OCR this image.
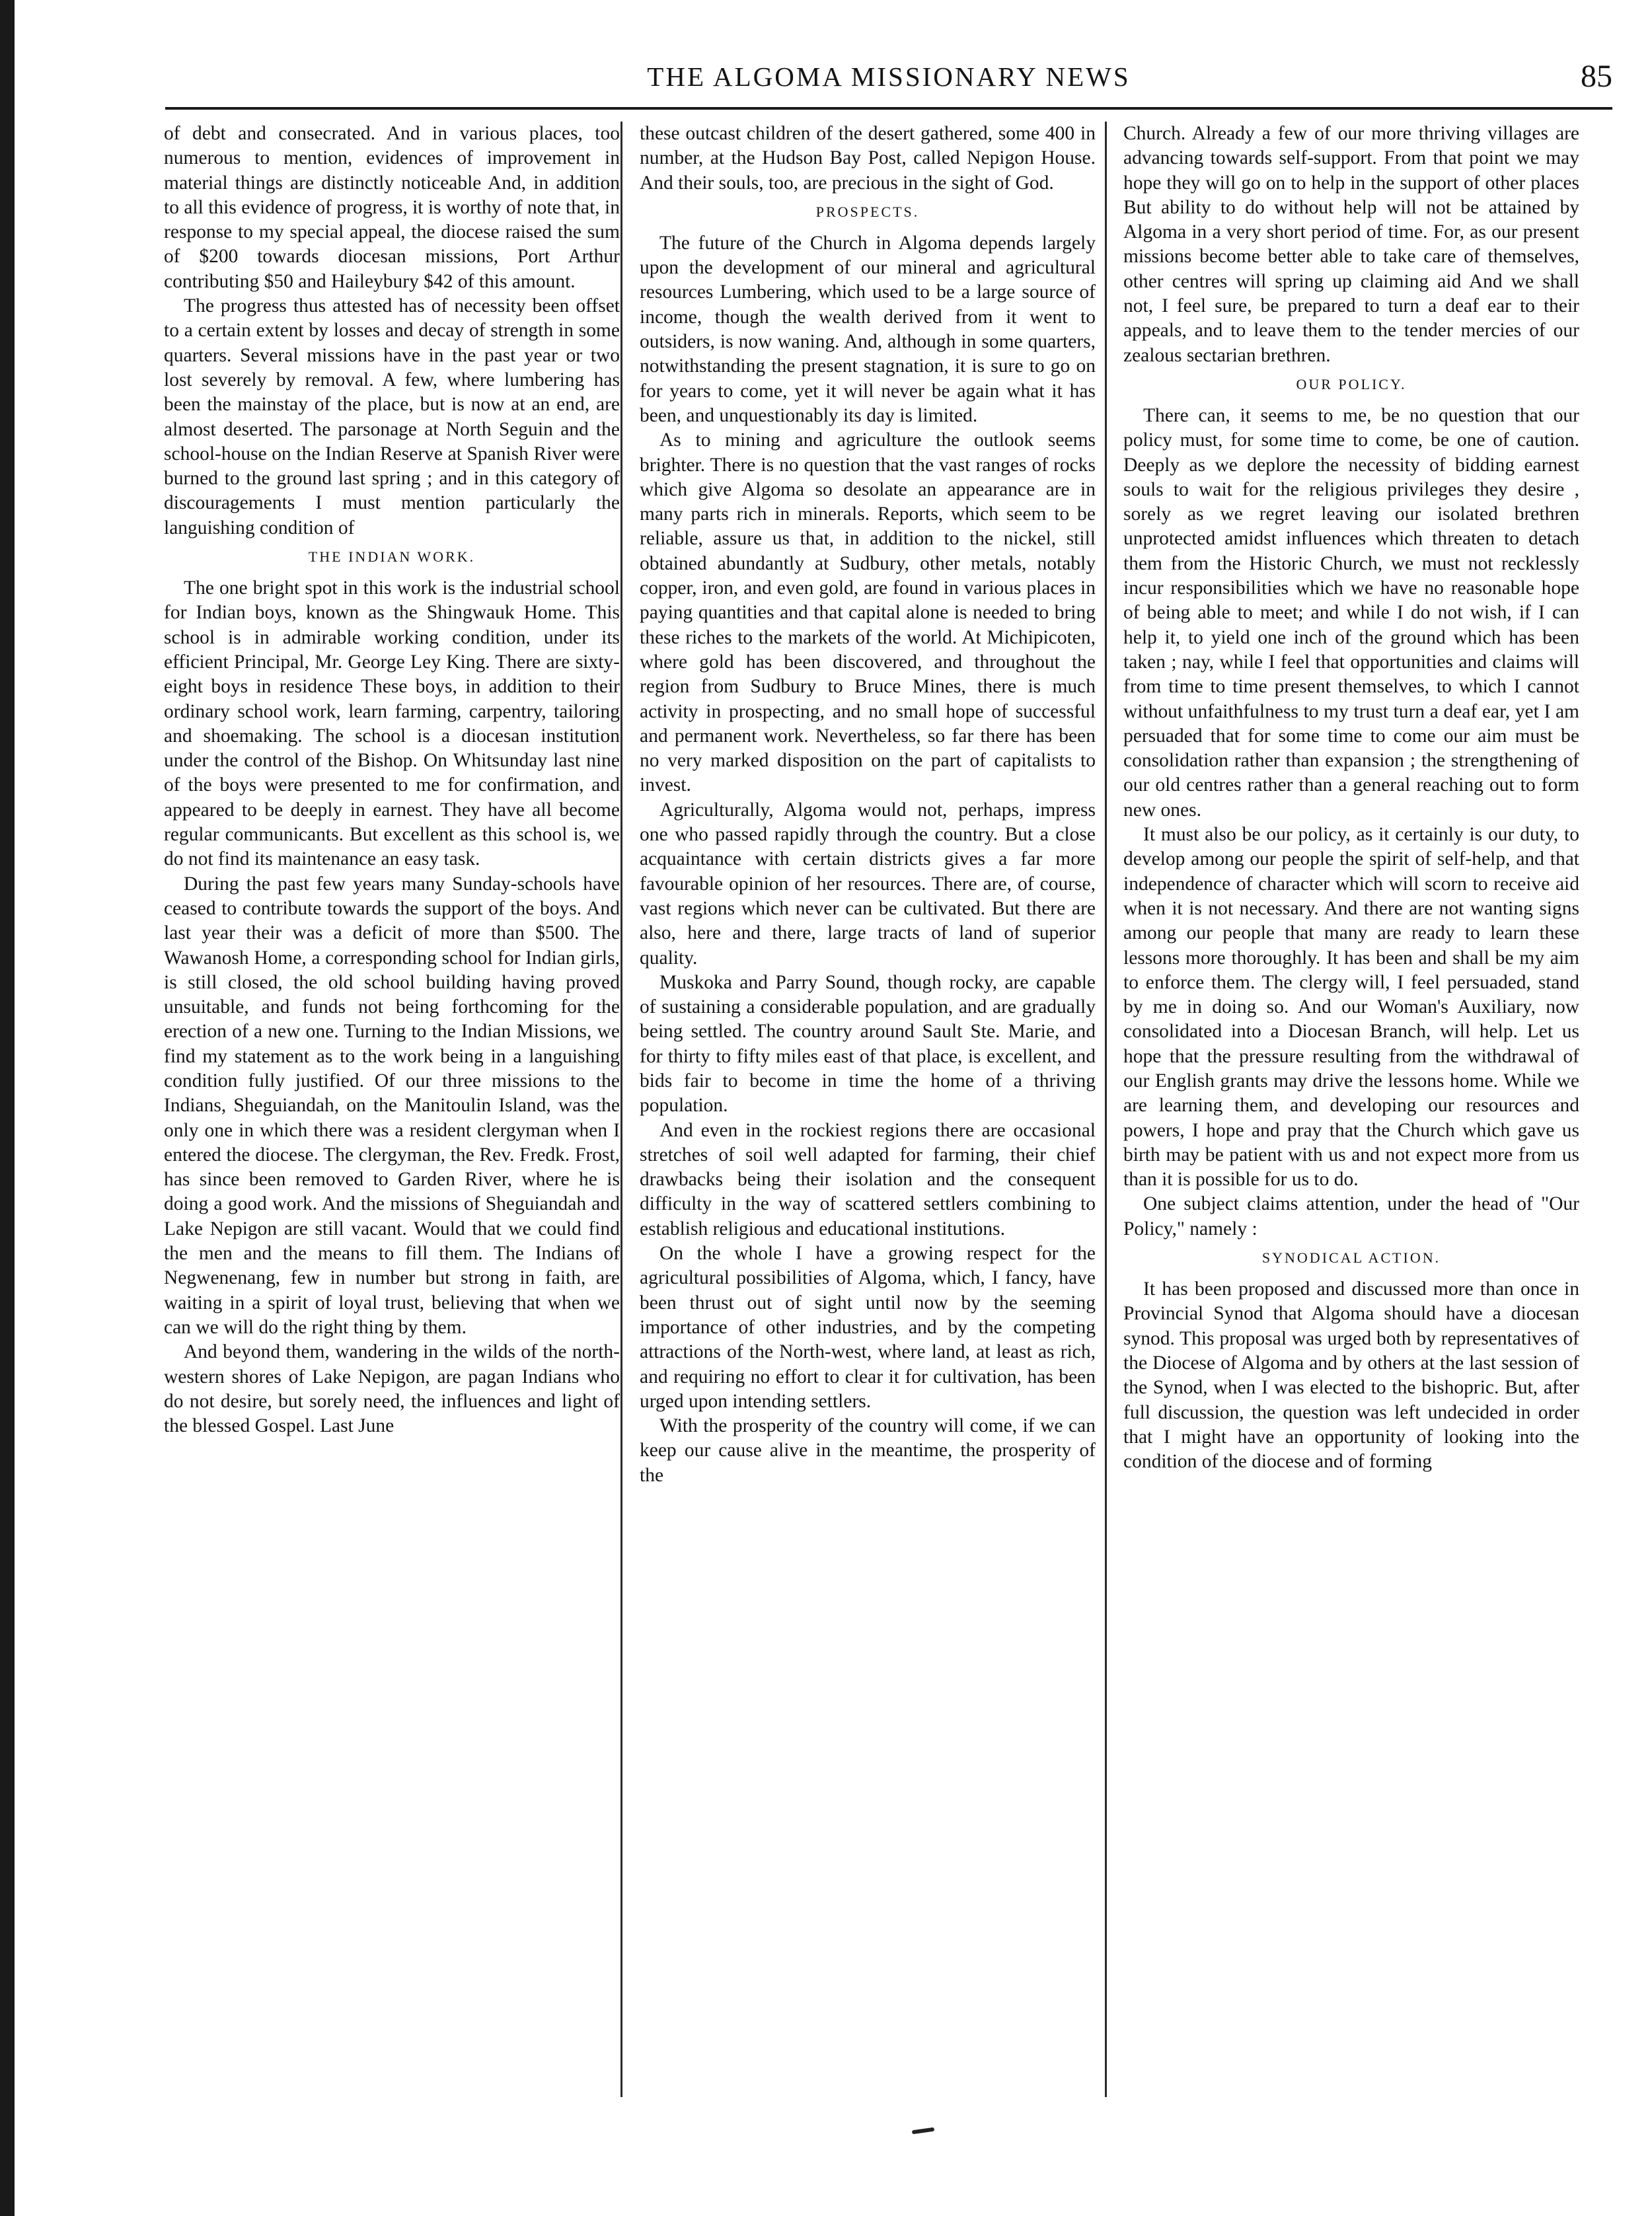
THE ALGOMA MISSIONARY NEWS	85

of debt and consecrated. And in various places, too numerous to mention, evidences of improvement in material things are distinctly noticeable And, in addition to all this evidence of progress, it is worthy of note that, in response to my special appeal, the diocese raised the sum of $200 towards diocesan missions, Port Arthur contributing $50 and Haileybury $42 of this amount.

The progress thus attested has of necessity been offset to a certain extent by losses and decay of strength in some quarters. Several missions have in the past year or two lost severely by removal. A few, where lumbering has been the mainstay of the place, but is now at an end, are almost deserted. The parsonage at North Seguin and the school-house on the Indian Reserve at Spanish River were burned to the ground last spring ; and in this category of discouragements I must mention particularly the languishing condition of

THE INDIAN WORK.

The one bright spot in this work is the industrial school for Indian boys, known as the Shingwauk Home. This school is in admirable working condition, under its efficient Principal, Mr. George Ley King. There are sixty-eight boys in residence These boys, in addition to their ordinary school work, learn farming, carpentry, tailoring and shoemaking. The school is a diocesan institution under the control of the Bishop. On Whitsunday last nine of the boys were presented to me for confirmation, and appeared to be deeply in earnest. They have all become regular communicants. But excellent as this school is, we do not find its maintenance an easy task.

During the past few years many Sunday-schools have ceased to contribute towards the support of the boys. And last year their was a deficit of more than $500. The Wawanosh Home, a corresponding school for Indian girls, is still closed, the old school building having proved unsuitable, and funds not being forthcoming for the erection of a new one. Turning to the Indian Missions, we find my statement as to the work being in a languishing condition fully justified. Of our three missions to the Indians, Sheguiandah, on the Manitoulin Island, was the only one in which there was a resident clergyman when I entered the diocese. The clergyman, the Rev. Fredk. Frost, has since been removed to Garden River, where he is doing a good work. And the missions of Sheguiandah and Lake Nepigon are still vacant. Would that we could find the men and the means to fill them. The Indians of Negwenenang, few in number but strong in faith, are waiting in a spirit of loyal trust, believing that when we can we will do the right thing by them.

And beyond them, wandering in the wilds of the north-western shores of Lake Nepigon, are pagan Indians who do not desire, but sorely need, the influences and light of the blessed Gospel. Last June

these outcast children of the desert gathered, some 400 in number, at the Hudson Bay Post, called Nepigon House. And their souls, too, are precious in the sight of God.

PROSPECTS.

The future of the Church in Algoma depends largely upon the development of our mineral and agricultural resources Lumbering, which used to be a large source of income, though the wealth derived from it went to outsiders, is now waning. And, although in some quarters, notwithstanding the present stagnation, it is sure to go on for years to come, yet it will never be again what it has been, and unquestionably its day is limited.

As to mining and agriculture the outlook seems brighter. There is no question that the vast ranges of rocks which give Algoma so desolate an appearance are in many parts rich in minerals. Reports, which seem to be reliable, assure us that, in addition to the nickel, still obtained abundantly at Sudbury, other metals, notably copper, iron, and even gold, are found in various places in paying quantities and that capital alone is needed to bring these riches to the markets of the world. At Michipicoten, where gold has been discovered, and throughout the region from Sudbury to Bruce Mines, there is much activity in prospecting, and no small hope of successful and permanent work. Nevertheless, so far there has been no very marked disposition on the part of capitalists to invest.

Agriculturally, Algoma would not, perhaps, impress one who passed rapidly through the country. But a close acquaintance with certain districts gives a far more favourable opinion of her resources. There are, of course, vast regions which never can be cultivated. But there are also, here and there, large tracts of land of superior quality.

Muskoka and Parry Sound, though rocky, are capable of sustaining a considerable population, and are gradually being settled. The country around Sault Ste. Marie, and for thirty to fifty miles east of that place, is excellent, and bids fair to become in time the home of a thriving population.

And even in the rockiest regions there are occasional stretches of soil well adapted for farming, their chief drawbacks being their isolation and the consequent difficulty in the way of scattered settlers combining to establish religious and educational institutions.

On the whole I have a growing respect for the agricultural possibilities of Algoma, which, I fancy, have been thrust out of sight until now by the seeming importance of other industries, and by the competing attractions of the North-west, where land, at least as rich, and requiring no effort to clear it for cultivation, has been urged upon intending settlers.

With the prosperity of the country will come, if we can keep our cause alive in the meantime, the prosperity of the

Church. Already a few of our more thriving villages are advancing towards self-support. From that point we may hope they will go on to help in the support of other places But ability to do without help will not be attained by Algoma in a very short period of time. For, as our present missions become better able to take care of themselves, other centres will spring up claiming aid And we shall not, I feel sure, be prepared to turn a deaf ear to their appeals, and to leave them to the tender mercies of our zealous sectarian brethren.

OUR POLICY.

There can, it seems to me, be no question that our policy must, for some time to come, be one of caution. Deeply as we deplore the necessity of bidding earnest souls to wait for the religious privileges they desire , sorely as we regret leaving our isolated brethren unprotected amidst influences which threaten to detach them from the Historic Church, we must not recklessly incur responsibilities which we have no reasonable hope of being able to meet; and while I do not wish, if I can help it, to yield one inch of the ground which has been taken ; nay, while I feel that opportunities and claims will from time to time present themselves, to which I cannot without unfaithfulness to my trust turn a deaf ear, yet I am persuaded that for some time to come our aim must be consolidation rather than expansion ; the strengthening of our old centres rather than a general reaching out to form new ones.

It must also be our policy, as it certainly is our duty, to develop among our people the spirit of self-help, and that independence of character which will scorn to receive aid when it is not necessary. And there are not wanting signs among our people that many are ready to learn these lessons more thoroughly. It has been and shall be my aim to enforce them. The clergy will, I feel persuaded, stand by me in doing so. And our Woman's Auxiliary, now consolidated into a Diocesan Branch, will help. Let us hope that the pressure resulting from the withdrawal of our English grants may drive the lessons home. While we are learning them, and developing our resources and powers, I hope and pray that the Church which gave us birth may be patient with us and not expect more from us than it is possible for us to do.

One subject claims attention, under the head of "Our Policy," namely :

SYNODICAL ACTION.

It has been proposed and discussed more than once in Provincial Synod that Algoma should have a diocesan synod. This proposal was urged both by representatives of the Diocese of Algoma and by others at the last session of the Synod, when I was elected to the bishopric. But, after full discussion, the question was left undecided in order that I might have an opportunity of looking into the condition of the diocese and of forming
